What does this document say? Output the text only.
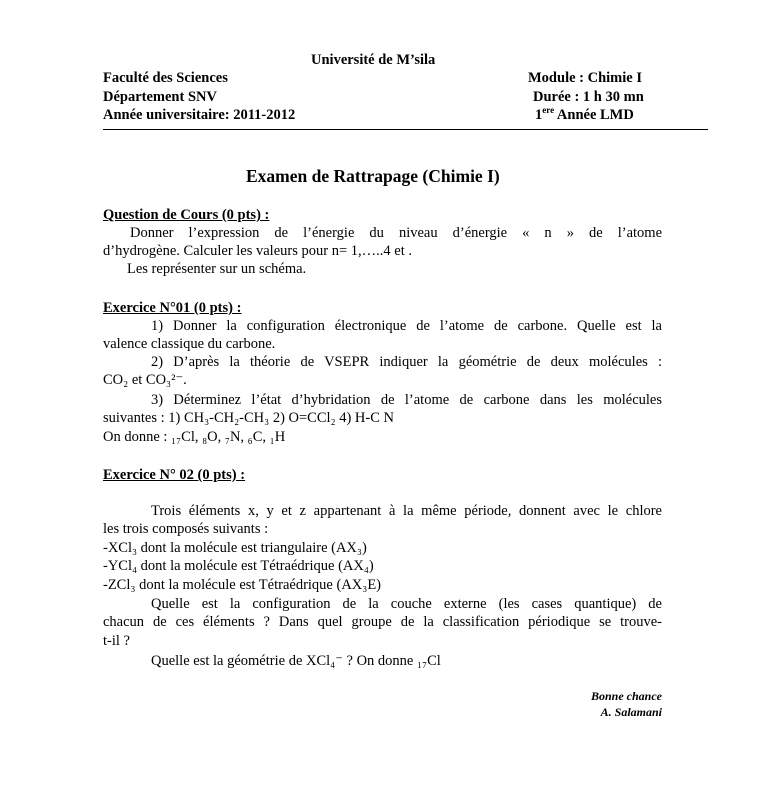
Université de M’sila
Faculté des Sciences
Département SNV
Année universitaire: 2011-2012
Module : Chimie I
Durée : 1 h 30 mn
1ere Année LMD
Examen de Rattrapage (Chimie I)
Question de Cours (0 pts) :
Donner l’expression de l’énergie du niveau d’énergie « n » de l’atome
d’hydrogène. Calculer les valeurs pour n= 1,…..4 et .
Les représenter sur un schéma.
Exercice N°01 (0 pts) :
1) Donner la configuration électronique de l’atome de carbone. Quelle est la
valence classique du carbone.
2) D’après la théorie de VSEPR indiquer la géométrie de deux molécules :
CO₂ et CO₃²⁻.
3) Déterminez l’état d’hybridation de l’atome de carbone dans les molécules
suivantes : 1) CH₃-CH₂-CH₃ 2) O=CCl₂ 4) H-C N
On donne : ₁₇Cl, ₈O, ₇N, ₆C, ₁H
Exercice N° 02 (0 pts) :
Trois éléments x, y et z appartenant à la même période, donnent avec le chlore
les trois composés suivants :
-XCl₃ dont la molécule est triangulaire (AX₃)
-YCl₄ dont la molécule est Tétraédrique (AX₄)
-ZCl₃ dont la molécule est Tétraédrique (AX₃E)
Quelle est la configuration de la couche externe (les cases quantique) de
chacun de ces éléments ? Dans quel groupe de la classification périodique se trouve-
t-il ?
Quelle est la géométrie de XCl₄⁻ ? On donne ₁₇Cl
Bonne chance
A. Salamani
